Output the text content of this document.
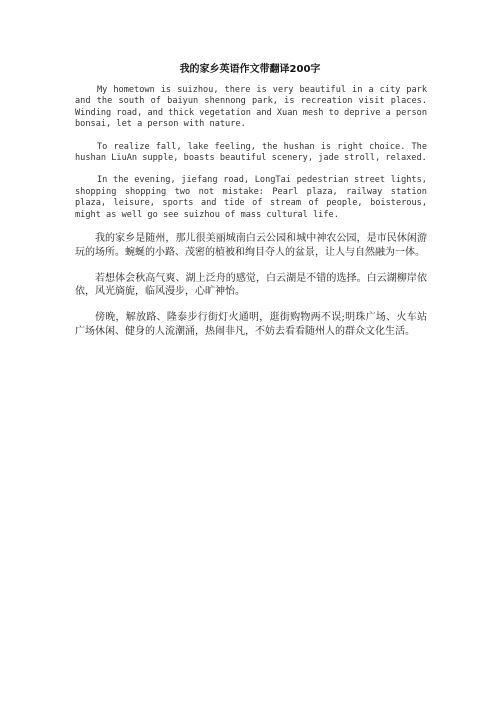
我的家乡英语作文带翻译200字

My hometown is suizhou, there is very beautiful in a city park and the south of baiyun shennong park, is recreation visit places. Winding road, and thick vegetation and Xuan mesh to deprive a person bonsai, let a person with nature.

To realize fall, lake feeling, the hushan is right choice. The hushan LiuAn supple, boasts beautiful scenery, jade stroll, relaxed.

In the evening, jiefang road, LongTai pedestrian street lights, shopping shopping two not mistake: Pearl plaza, railway station plaza, leisure, sports and tide of stream of people, boisterous, might as well go see suizhou of mass cultural life.

我的家乡是随州，那儿很美丽城南白云公园和城中神农公园，是市民休闲游玩的场所。蜿蜒的小路、茂密的植被和绚目夺人的盆景，让人与自然融为一体。

若想体会秋高气爽、湖上泛舟的感觉，白云湖是不错的选择。白云湖柳岸依依，风光旖旎，临风漫步，心旷神怡。

傍晚，解放路、隆泰步行街灯火通明，逛街购物两不误;明珠广场、火车站广场休闲、健身的人流潮涌，热闹非凡，不妨去看看随州人的群众文化生活。
